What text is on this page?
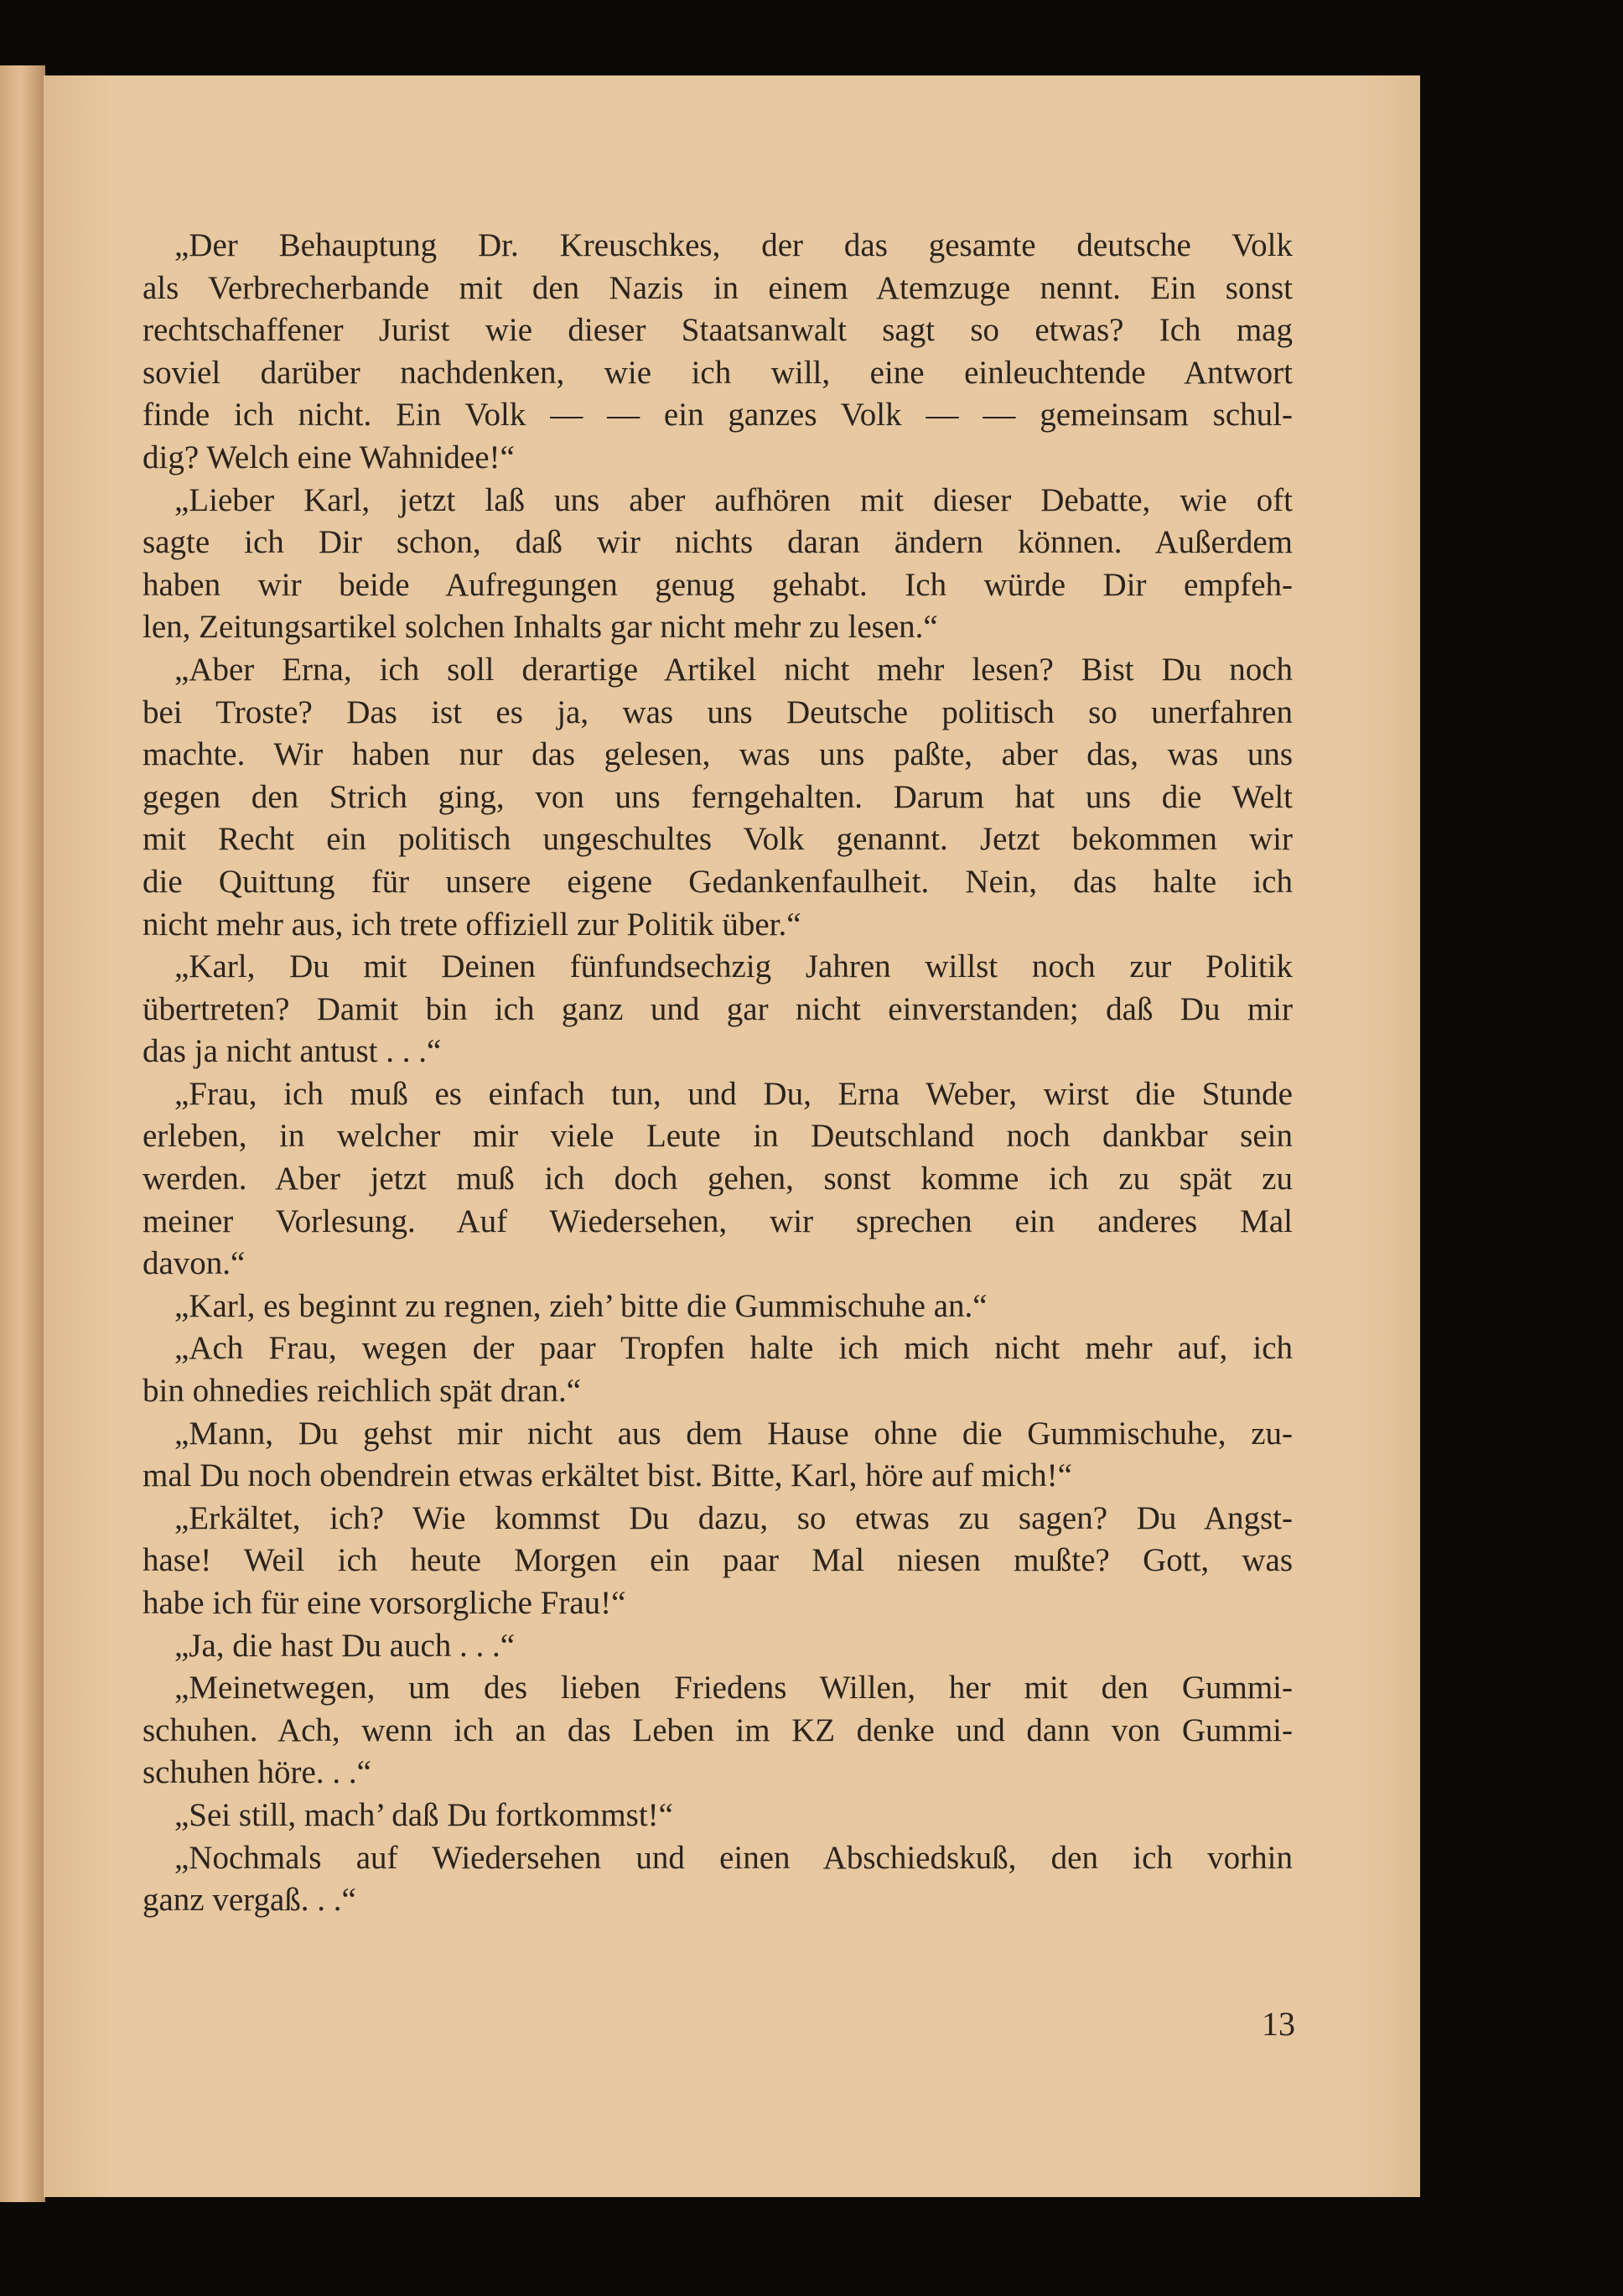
„Der Behauptung Dr. Kreuschkes, der das gesamte deutsche Volk
als Verbrecherbande mit den Nazis in einem Atemzuge nennt. Ein sonst
rechtschaffener Jurist wie dieser Staatsanwalt sagt so etwas? Ich mag
soviel darüber nachdenken, wie ich will, eine einleuchtende Antwort
finde ich nicht. Ein Volk — — ein ganzes Volk — — gemeinsam schul-
dig? Welch eine Wahnidee!“
„Lieber Karl, jetzt laß uns aber aufhören mit dieser Debatte, wie oft
sagte ich Dir schon, daß wir nichts daran ändern können. Außerdem
haben wir beide Aufregungen genug gehabt. Ich würde Dir empfeh-
len, Zeitungsartikel solchen Inhalts gar nicht mehr zu lesen.“
„Aber Erna, ich soll derartige Artikel nicht mehr lesen? Bist Du noch
bei Troste? Das ist es ja, was uns Deutsche politisch so unerfahren
machte. Wir haben nur das gelesen, was uns paßte, aber das, was uns
gegen den Strich ging, von uns ferngehalten. Darum hat uns die Welt
mit Recht ein politisch ungeschultes Volk genannt. Jetzt bekommen wir
die Quittung für unsere eigene Gedankenfaulheit. Nein, das halte ich
nicht mehr aus, ich trete offiziell zur Politik über.“
„Karl, Du mit Deinen fünfundsechzig Jahren willst noch zur Politik
übertreten? Damit bin ich ganz und gar nicht einverstanden; daß Du mir
das ja nicht antust . . .“
„Frau, ich muß es einfach tun, und Du, Erna Weber, wirst die Stunde
erleben, in welcher mir viele Leute in Deutschland noch dankbar sein
werden. Aber jetzt muß ich doch gehen, sonst komme ich zu spät zu
meiner Vorlesung. Auf Wiedersehen, wir sprechen ein anderes Mal
davon.“
„Karl, es beginnt zu regnen, zieh’ bitte die Gummischuhe an.“
„Ach Frau, wegen der paar Tropfen halte ich mich nicht mehr auf, ich
bin ohnedies reichlich spät dran.“
„Mann, Du gehst mir nicht aus dem Hause ohne die Gummischuhe, zu-
mal Du noch obendrein etwas erkältet bist. Bitte, Karl, höre auf mich!“
„Erkältet, ich? Wie kommst Du dazu, so etwas zu sagen? Du Angst-
hase! Weil ich heute Morgen ein paar Mal niesen mußte? Gott, was
habe ich für eine vorsorgliche Frau!“
„Ja, die hast Du auch . . .“
„Meinetwegen, um des lieben Friedens Willen, her mit den Gummi-
schuhen. Ach, wenn ich an das Leben im KZ denke und dann von Gummi-
schuhen höre. . .“
„Sei still, mach’ daß Du fortkommst!“
„Nochmals auf Wiedersehen und einen Abschiedskuß, den ich vorhin
ganz vergaß. . .“
13
